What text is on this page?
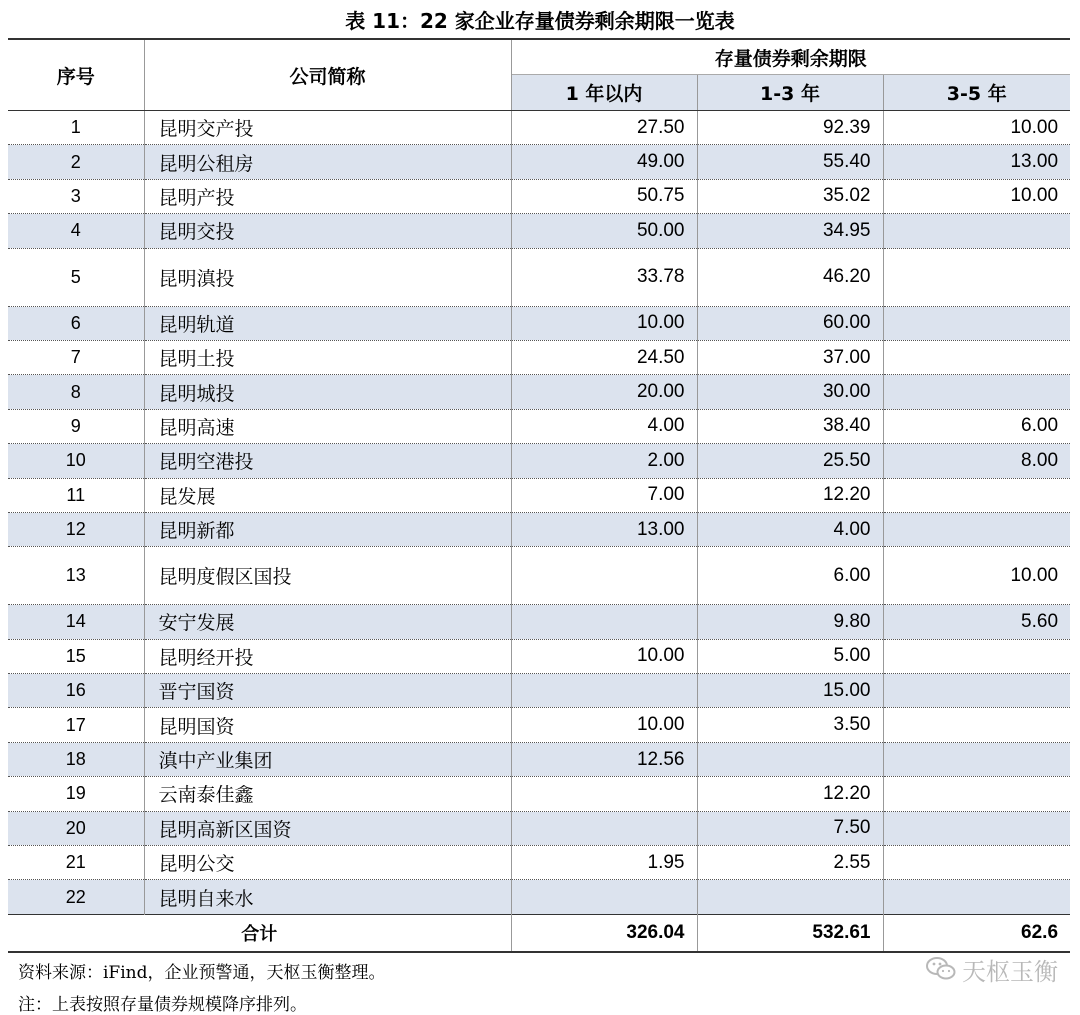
表 11：22 家企业存量债券剩余期限一览表
序号	公司简称	存量债券剩余期限		
		1 年以内	1-3 年	3-5 年
1	昆明交产投	27.50	92.39	10.00
2	昆明公租房	49.00	55.40	13.00
3	昆明产投	50.75	35.02	10.00
4	昆明交投	50.00	34.95	
5	昆明滇投	33.78	46.20	
6	昆明轨道	10.00	60.00	
7	昆明土投	24.50	37.00	
8	昆明城投	20.00	30.00	
9	昆明高速	4.00	38.40	6.00
10	昆明空港投	2.00	25.50	8.00
11	昆发展	7.00	12.20	
12	昆明新都	13.00	4.00	
13	昆明度假区国投		6.00	10.00
14	安宁发展		9.80	5.60
15	昆明经开投	10.00	5.00	
16	晋宁国资		15.00	
17	昆明国资	10.00	3.50	
18	滇中产业集团	12.56		
19	云南泰佳鑫		12.20	
20	昆明高新区国资		7.50	
21	昆明公交	1.95	2.55	
22	昆明自来水			
合计		326.04	532.61	62.6
资料来源：iFind，企业预警通，天枢玉衡整理。
注：上表按照存量债券规模降序排列。
天枢玉衡
